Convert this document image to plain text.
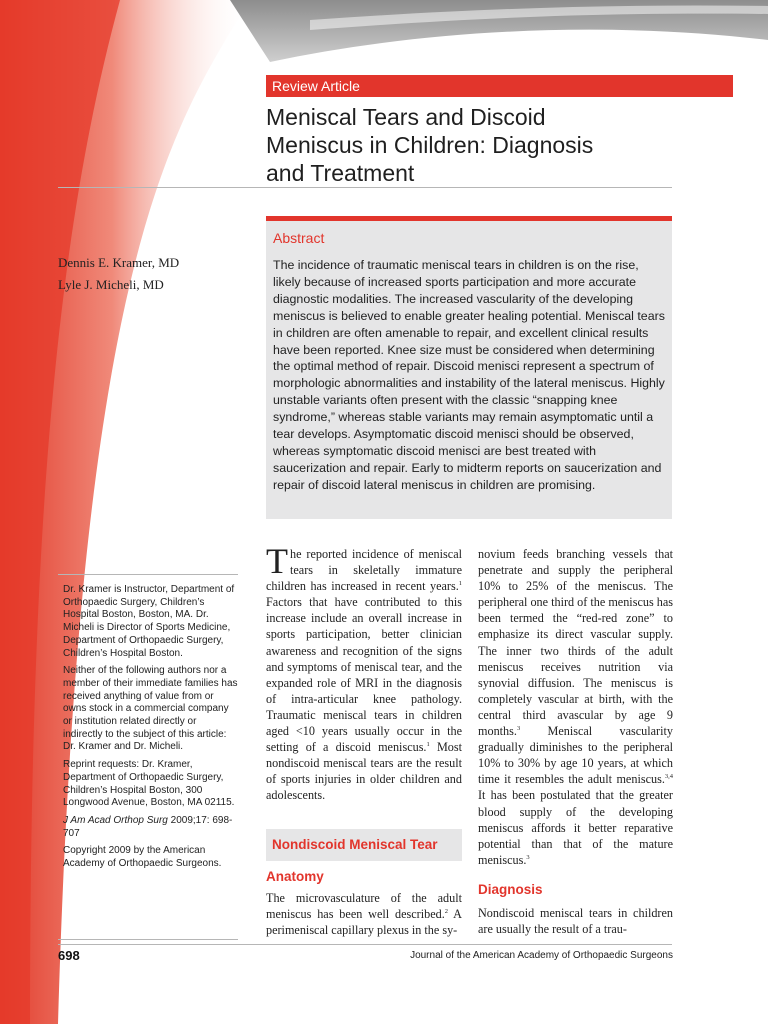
Review Article
Meniscal Tears and Discoid
Meniscus in Children: Diagnosis
and Treatment
Dennis E. Kramer, MD
Lyle J. Micheli, MD
Abstract
The incidence of traumatic meniscal tears in children is on the rise, likely because of increased sports participation and more accurate diagnostic modalities. The increased vascularity of the developing meniscus is believed to enable greater healing potential. Meniscal tears in children are often amenable to repair, and excellent clinical results have been reported. Knee size must be considered when determining the optimal method of repair. Discoid menisci represent a spectrum of morphologic abnormalities and instability of the lateral meniscus. Highly unstable variants often present with the classic “snapping knee syndrome,” whereas stable variants may remain asymptomatic until a tear develops. Asymptomatic discoid menisci should be observed, whereas symptomatic discoid menisci are best treated with saucerization and repair. Early to midterm reports on saucerization and repair of discoid lateral meniscus in children are promising.

Dr. Kramer is Instructor, Department of Orthopaedic Surgery, Children’s Hospital Boston, Boston, MA. Dr. Micheli is Director of Sports Medicine, Department of Orthopaedic Surgery, Children’s Hospital Boston.

Neither of the following authors nor a member of their immediate families has received anything of value from or owns stock in a commercial company or institution related directly or indirectly to the subject of this article: Dr. Kramer and Dr. Micheli.

Reprint requests: Dr. Kramer, Department of Orthopaedic Surgery, Children’s Hospital Boston, 300 Longwood Avenue, Boston, MA 02115.

J Am Acad Orthop Surg 2009;17: 698-707

Copyright 2009 by the American Academy of Orthopaedic Surgeons.

The reported incidence of meniscal tears in skeletally immature children has increased in recent years.$^1$ Factors that have contributed to this increase include an overall increase in sports participation, better clinician awareness and recognition of the signs and symptoms of meniscal tear, and the expanded role of MRI in the diagnosis of intra-articular knee pathology. Traumatic meniscal tears in children aged <10 years usually occur in the setting of a discoid meniscus.$^1$ Most nondiscoid meniscal tears are the result of sports injuries in older children and adolescents.

Nondiscoid Meniscal Tear
Anatomy
The microvasculature of the adult meniscus has been well described.$^2$ A perimeniscal capillary plexus in the sy-

novium feeds branching vessels that penetrate and supply the peripheral 10% to 25% of the meniscus. The peripheral one third of the meniscus has been termed the “red-red zone” to emphasize its direct vascular supply. The inner two thirds of the adult meniscus receives nutrition via synovial diffusion. The meniscus is completely vascular at birth, with the central third avascular by age 9 months.$^3$ Meniscal vascularity gradually diminishes to the peripheral 10% to 30% by age 10 years, at which time it resembles the adult meniscus.$^{3,4}$ It has been postulated that the greater blood supply of the developing meniscus affords it better reparative potential than that of the mature meniscus.$^3$

Diagnosis
Nondiscoid meniscal tears in children are usually the result of a trau-
698	Journal of the American Academy of Orthopaedic Surgeons
